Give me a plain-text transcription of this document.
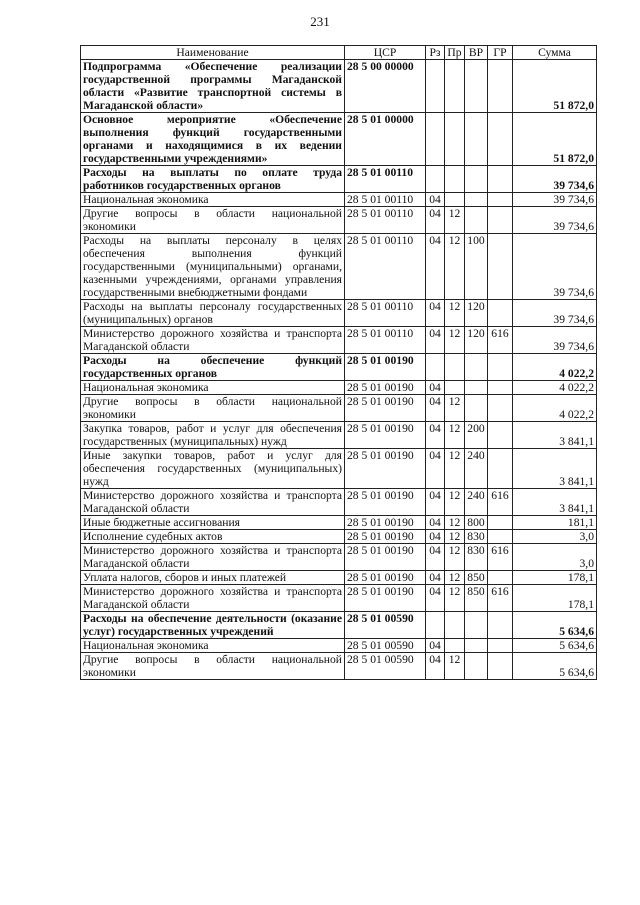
231
Наименование	ЦСР	Рз	Пр	ВР	ГР	Сумма
Подпрограмма «Обеспечение реализации государственной программы Магаданской области «Развитие транспортной системы в Магаданской области»	28 5 00 00000					51 872,0
Основное мероприятие «Обеспечение выполнения функций государственными органами и находящимися в их ведении государственными учреждениями»	28 5 01 00000					51 872,0
Расходы на выплаты по оплате труда работников государственных органов	28 5 01 00110					39 734,6
Национальная экономика	28 5 01 00110	04				39 734,6
Другие вопросы в области национальной экономики	28 5 01 00110	04	12			39 734,6
Расходы на выплаты персоналу в целях обеспечения выполнения функций государственными (муниципальными) органами, казенными учреждениями, органами управления государственными внебюджетными фондами	28 5 01 00110	04	12	100		39 734,6
Расходы на выплаты персоналу государственных (муниципальных) органов	28 5 01 00110	04	12	120		39 734,6
Министерство дорожного хозяйства и транспорта Магаданской области	28 5 01 00110	04	12	120	616	39 734,6
Расходы на обеспечение функций государственных органов	28 5 01 00190					4 022,2
Национальная экономика	28 5 01 00190	04				4 022,2
Другие вопросы в области национальной экономики	28 5 01 00190	04	12			4 022,2
Закупка товаров, работ и услуг для обеспечения государственных (муниципальных) нужд	28 5 01 00190	04	12	200		3 841,1
Иные закупки товаров, работ и услуг для обеспечения государственных (муниципальных) нужд	28 5 01 00190	04	12	240		3 841,1
Министерство дорожного хозяйства и транспорта Магаданской области	28 5 01 00190	04	12	240	616	3 841,1
Иные бюджетные ассигнования	28 5 01 00190	04	12	800		181,1
Исполнение судебных актов	28 5 01 00190	04	12	830		3,0
Министерство дорожного хозяйства и транспорта Магаданской области	28 5 01 00190	04	12	830	616	3,0
Уплата налогов, сборов и иных платежей	28 5 01 00190	04	12	850		178,1
Министерство дорожного хозяйства и транспорта Магаданской области	28 5 01 00190	04	12	850	616	178,1
Расходы на обеспечение деятельности (оказание услуг) государственных учреждений	28 5 01 00590					5 634,6
Национальная экономика	28 5 01 00590	04				5 634,6
Другие вопросы в области национальной экономики	28 5 01 00590	04	12			5 634,6
